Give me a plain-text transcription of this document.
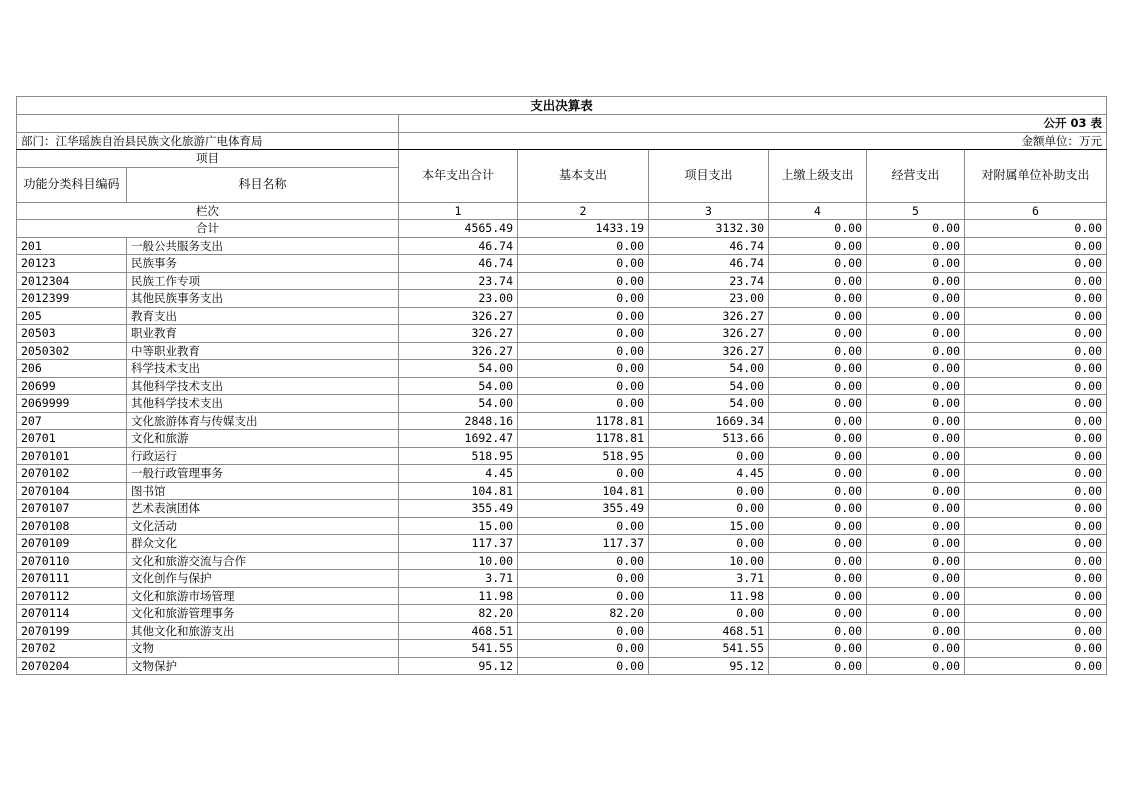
支出决算表							
		公开 03 表					
部门：江华瑶族自治县民族文化旅游广电体育局		金额单位：万元					
项目		本年支出合计	基本支出	项目支出	上缴上级支出	经营支出	对附属单位补助支出
功能分类科目编码	科目名称						
栏次		1	2	3	4	5	6
合计		4565.49	1433.19	3132.30	0.00	0.00	0.00
201	一般公共服务支出	46.74	0.00	46.74	0.00	0.00	0.00
20123	民族事务	46.74	0.00	46.74	0.00	0.00	0.00
2012304	民族工作专项	23.74	0.00	23.74	0.00	0.00	0.00
2012399	其他民族事务支出	23.00	0.00	23.00	0.00	0.00	0.00
205	教育支出	326.27	0.00	326.27	0.00	0.00	0.00
20503	职业教育	326.27	0.00	326.27	0.00	0.00	0.00
2050302	中等职业教育	326.27	0.00	326.27	0.00	0.00	0.00
206	科学技术支出	54.00	0.00	54.00	0.00	0.00	0.00
20699	其他科学技术支出	54.00	0.00	54.00	0.00	0.00	0.00
2069999	其他科学技术支出	54.00	0.00	54.00	0.00	0.00	0.00
207	文化旅游体育与传媒支出	2848.16	1178.81	1669.34	0.00	0.00	0.00
20701	文化和旅游	1692.47	1178.81	513.66	0.00	0.00	0.00
2070101	行政运行	518.95	518.95	0.00	0.00	0.00	0.00
2070102	一般行政管理事务	4.45	0.00	4.45	0.00	0.00	0.00
2070104	图书馆	104.81	104.81	0.00	0.00	0.00	0.00
2070107	艺术表演团体	355.49	355.49	0.00	0.00	0.00	0.00
2070108	文化活动	15.00	0.00	15.00	0.00	0.00	0.00
2070109	群众文化	117.37	117.37	0.00	0.00	0.00	0.00
2070110	文化和旅游交流与合作	10.00	0.00	10.00	0.00	0.00	0.00
2070111	文化创作与保护	3.71	0.00	3.71	0.00	0.00	0.00
2070112	文化和旅游市场管理	11.98	0.00	11.98	0.00	0.00	0.00
2070114	文化和旅游管理事务	82.20	82.20	0.00	0.00	0.00	0.00
2070199	其他文化和旅游支出	468.51	0.00	468.51	0.00	0.00	0.00
20702	文物	541.55	0.00	541.55	0.00	0.00	0.00
2070204	文物保护	95.12	0.00	95.12	0.00	0.00	0.00
